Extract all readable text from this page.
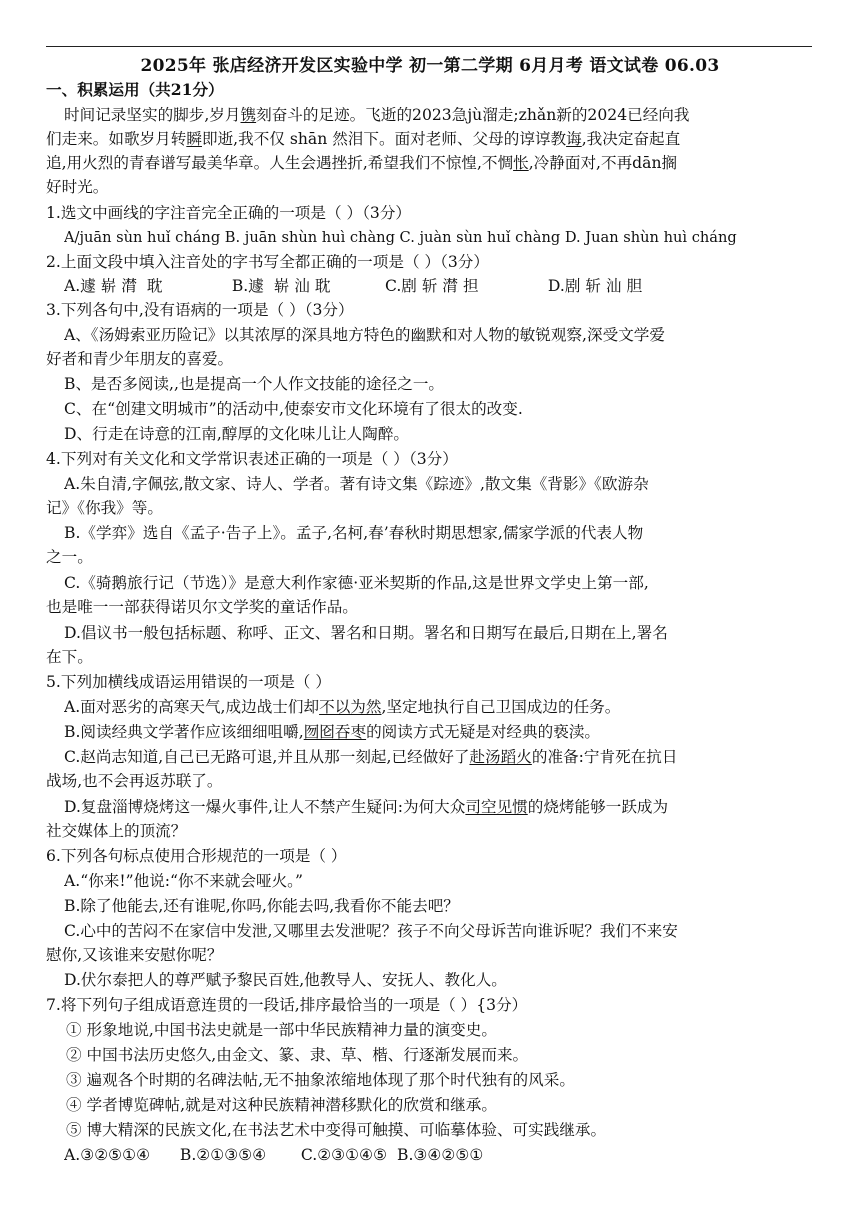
2025年 张店经济开发区实验中学 初一第二学期 6月月考 语文试卷 06.03
一、积累运用（共21分）
时间记录坚实的脚步,岁月镌刻奋斗的足迹。飞逝的2023急jù溜走;zhǎn新的2024已经向我
们走来。如歌岁月转瞬即逝,我不仅 shān 然泪下。面对老师、父母的谆谆教诲,我决定奋起直
追,用火烈的青春谱写最美华章。人生会遇挫折,希望我们不惊惶,不惆怅,冷静面对,不再dān搁
好时光。
1.选文中画线的字注音完全正确的一项是（ ）（3分）
A/juān sùn huǐ cháng B. juān shùn huì chàng C. juàn sùn huǐ chàng D. Juan shùn huì cháng
2.上面文段中填入注音处的字书写全都正确的一项是（ ）（3分）
A.遽 崭 潸  耽              B.遽  崭 汕 耽           C.剧 斩 潸 担              D.剧 斩 汕 胆
3.下列各句中,没有语病的一项是（ ）（3分）
A、《汤姆索亚历险记》以其浓厚的深具地方特色的幽默和对人物的敏锐观察,深受文学爱
好者和青少年朋友的喜爱。
B、是否多阅读,,也是提高一个人作文技能的途径之一。
C、在“创建文明城市”的活动中,使泰安市文化环境有了很太的改变.
D、行走在诗意的江南,醇厚的文化味儿让人陶醉。
4.下列对有关文化和文学常识表述正确的一项是（ ）（3分）
A.朱自清,字佩弦,散文家、诗人、学者。著有诗文集《踪迹》,散文集《背影》《欧游杂
记》《你我》等。
B.《学弈》选自《孟子·告子上》。孟子,名柯,春’春秋时期思想家,儒家学派的代表人物
之一。
C.《骑鹅旅行记（节选）》是意大利作家德·亚米契斯的作品,这是世界文学史上第一部,
也是唯一一部获得诺贝尔文学奖的童话作品。
D.倡议书一般包括标题、称呼、正文、署名和日期。署名和日期写在最后,日期在上,署名
在下。
5.下列加横线成语运用错误的一项是（ ）
A.面对恶劣的高寒天气,成边战士们却不以为然,坚定地执行自己卫国成边的任务。
B.阅读经典文学著作应该细细咀嚼,囫囵吞枣的阅读方式无疑是对经典的亵渎。
C.赵尚志知道,自己已无路可退,并且从那一刻起,已经做好了赴汤蹈火的准备:宁肯死在抗日
战场,也不会再返苏联了。
D.复盘淄博烧烤这一爆火事件,让人不禁产生疑问:为何大众司空见惯的烧烤能够一跃成为
社交媒体上的顶流？
6.下列各句标点使用合形规范的一项是（ ）
A.“你来!”他说:“你不来就会哑火。”
B.除了他能去,还有谁呢,你吗,你能去吗,我看你不能去吧？
C.心中的苦闷不在家信中发泄,又哪里去发泄呢？孩子不向父母诉苦向谁诉呢？我们不来安
慰你,又该谁来安慰你呢？
D.伏尔泰把人的尊严赋予黎民百姓,他教导人、安抚人、教化人。
7.将下列句子组成语意连贯的一段话,排序最恰当的一项是（ ）{3分）
① 形象地说,中国书法史就是一部中华民族精神力量的演变史。
② 中国书法历史悠久,由金文、篆、隶、草、楷、行逐渐发展而来。
③ 遍观各个时期的名碑法帖,无不抽象浓缩地体现了那个时代独有的风采。
④ 学者博览碑帖,就是对这种民族精神潜移默化的欣赏和继承。
⑤ 博大精深的民族文化,在书法艺术中变得可触摸、可临摹体验、可实践继承。
A.③②⑤①④      B.②①③⑤④       C.②③①④⑤  B.③④②⑤①
